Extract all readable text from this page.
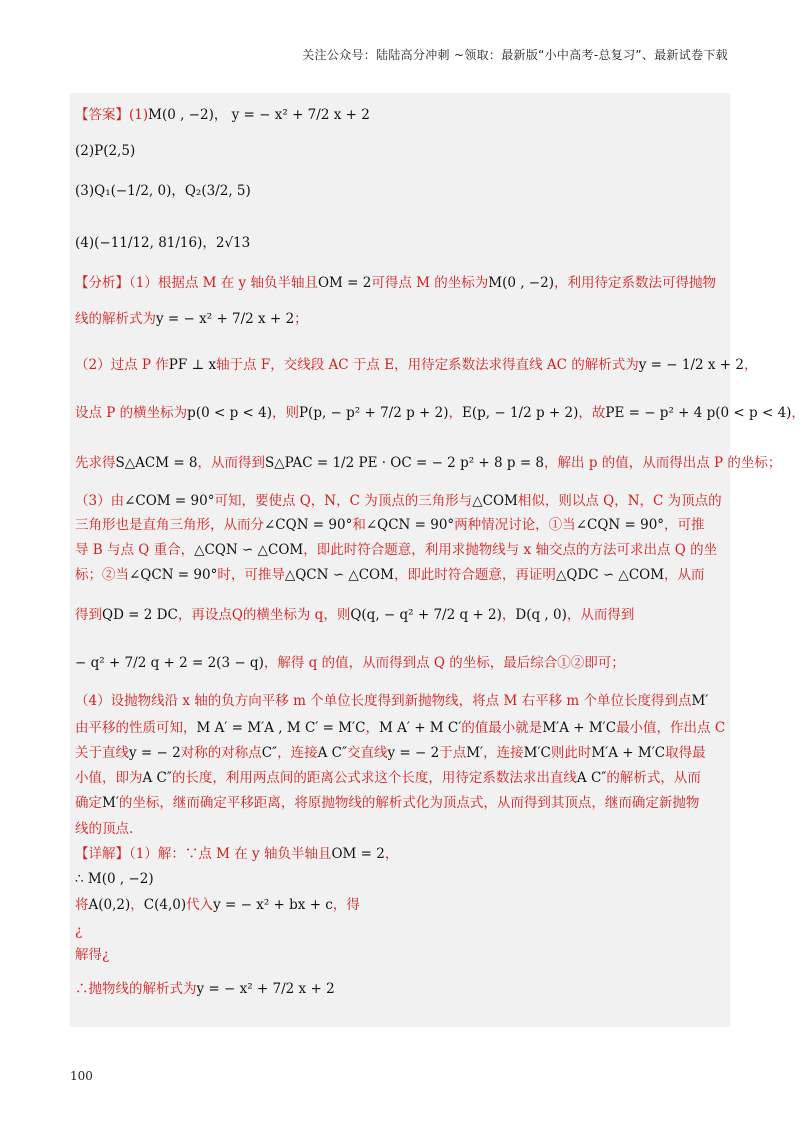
关注公众号：陆陆高分冲刺 ~领取：最新版“小中高考-总复习”、最新试卷下载
【答案】(1)M(0 , −2)， y = − x² + 7/2 x + 2
(2)P(2,5)
(3)Q₁(−1/2, 0)，Q₂(3/2, 5)
(4)(−11/12, 81/16)，2√13
【分析】（1）根据点 M 在 y 轴负半轴且OM = 2可得点 M 的坐标为M(0 , −2)，利用待定系数法可得抛物
线的解析式为y = − x² + 7/2 x + 2；
（2）过点 P 作PF ⊥ x轴于点 F，交线段 AC 于点 E，用待定系数法求得直线 AC 的解析式为y = − 1/2 x + 2，
设点 P 的横坐标为p(0 < p < 4)，则P(p, − p² + 7/2 p + 2)，E(p, − 1/2 p + 2)，故PE = − p² + 4 p(0 < p < 4)，
先求得S△ACM = 8，从而得到S△PAC = 1/2 PE · OC = − 2 p² + 8 p = 8，解出 p 的值，从而得出点 P 的坐标；
（3）由∠COM = 90°可知，要使点 Q，N，C 为顶点的三角形与△COM相似，则以点 Q，N，C 为顶点的
三角形也是直角三角形，从而分∠CQN = 90°和∠QCN = 90°两种情况讨论，①当∠CQN = 90°，可推
导 B 与点 Q 重合，△CQN ∽ △COM，即此时符合题意，利用求抛物线与 x 轴交点的方法可求出点 Q 的坐
标；②当∠QCN = 90°时，可推导△QCN ∽ △COM，即此时符合题意，再证明△QDC ∽ △COM，从而
得到QD = 2 DC，再设点Q的横坐标为 q，则Q(q, − q² + 7/2 q + 2)，D(q , 0)，从而得到
− q² + 7/2 q + 2 = 2(3 − q)，解得 q 的值，从而得到点 Q 的坐标，最后综合①②即可；
（4）设抛物线沿 x 轴的负方向平移 m 个单位长度得到新抛物线，将点 M 右平移 m 个单位长度得到点M′
由平移的性质可知，M A′ = M′A , M C′ = M′C，M A′ + M C′的值最小就是M′A + M′C最小值，作出点 C
关于直线y = − 2对称的对称点C″，连接A C″交直线y = − 2于点M′，连接M′C则此时M′A + M′C取得最
小值，即为A C″的长度，利用两点间的距离公式求这个长度，用待定系数法求出直线A C″的解析式，从而
确定M′的坐标，继而确定平移距离，将原抛物线的解析式化为顶点式，从而得到其顶点，继而确定新抛物
线的顶点.
【详解】（1）解：∵点 M 在 y 轴负半轴且OM = 2，
∴ M(0 , −2)
将A(0,2)，C(4,0)代入y = − x² + bx + c，得
¿
解得¿
∴抛物线的解析式为y = − x² + 7/2 x + 2
100
